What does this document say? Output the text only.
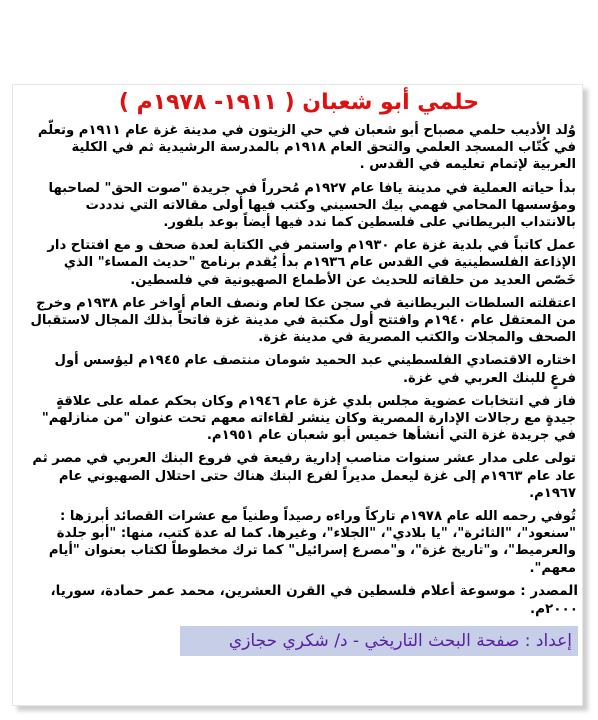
حلمي أبو شعبان ( ١٩١١- ١٩٧٨م )

وُلد الأديب حلمي مصباح أبو شعبان في حي الزيتون في مدينة غزة عام ١٩١١م وتعلّم في كُتّاب المسجد العلمي والتحق العام ١٩١٨م بالمدرسة الرشيدية ثم في الكلية العربية لإتمام تعليمه في القدس .

بدأ حياته العملية في مدينة يافا عام ١٩٢٧م مُحرراً في جريدة "صوت الحق" لصاحبها ومؤسسها المحامي فهمي بيك الحسيني وكتب فيها أولى مقالاته التي ندددت بالانتداب البريطاني على فلسطين كما ندد فيها أيضاً بوعد بلفور.

عمل كاتباً في بلدية غزة عام ١٩٣٠م واستمر في الكتابة لعدة صحف و مع افتتاح دار الإذاعة الفلسطينية في القدس عام ١٩٣٦م بدأ يُقدم برنامج "حديث المساء" الذي خَصّص العديد من حلقاته للحديث عن الأطماع الصهيونية في فلسطين.

اعتقلته السلطات البريطانية في سجن عكا لعام ونصف العام أواخر عام ١٩٣٨م وخرج من المعتقل عام ١٩٤٠م وافتتح أول مكتبة في مدينة غزة فاتحاً بذلك المجال لاستقبال الصحف والمجلات والكتب المصرية في مدينة غزة.

اختاره الاقتصادي الفلسطيني عبد الحميد شومان منتصف عام ١٩٤٥م ليؤسس أول فرعٍ للبنك العربي في غزة.

فاز في انتخابات عضوية مجلس بلدي غزة عام ١٩٤٦م وكان بحكم عمله على علاقةٍ جيدةٍ مع رجالات الإدارة المصرية وكان ينشر لقاءاته معهم تحت عنوان "من منازلهم" في جريدة غزة التي أنشأها خميس أبو شعبان عام ١٩٥١م.

تولى على مدار عشر سنوات مناصب إدارية رفيعة في فروع البنك العربي في مصر ثم عاد عام ١٩٦٣م إلى غزة ليعمل مديراً لفرع البنك هناك حتى احتلال الصهيوني عام ١٩٦٧م.

تُوفي رحمه الله عام ١٩٧٨م تاركاً وراءه رصيداً وطنياً مع عشرات القصائد أبرزها : "سنعود"، "الثائرة"، "يا بلادي"، "الجلاء"، وغيرها. كما له عدة كتب، منها: "أبو جلدة والعرميط"، و"تاريخ غزة"، و"مصرع إسرائيل" كما ترك مخطوطاً لكتاب بعنوان "أيام معهم".

المصدر : موسوعة أعلام فلسطين في القرن العشرين، محمد عمر حمادة، سوريا، ٢٠٠٠م.
إعداد : صفحة البحث التاريخي - د/ شكري حجازي
